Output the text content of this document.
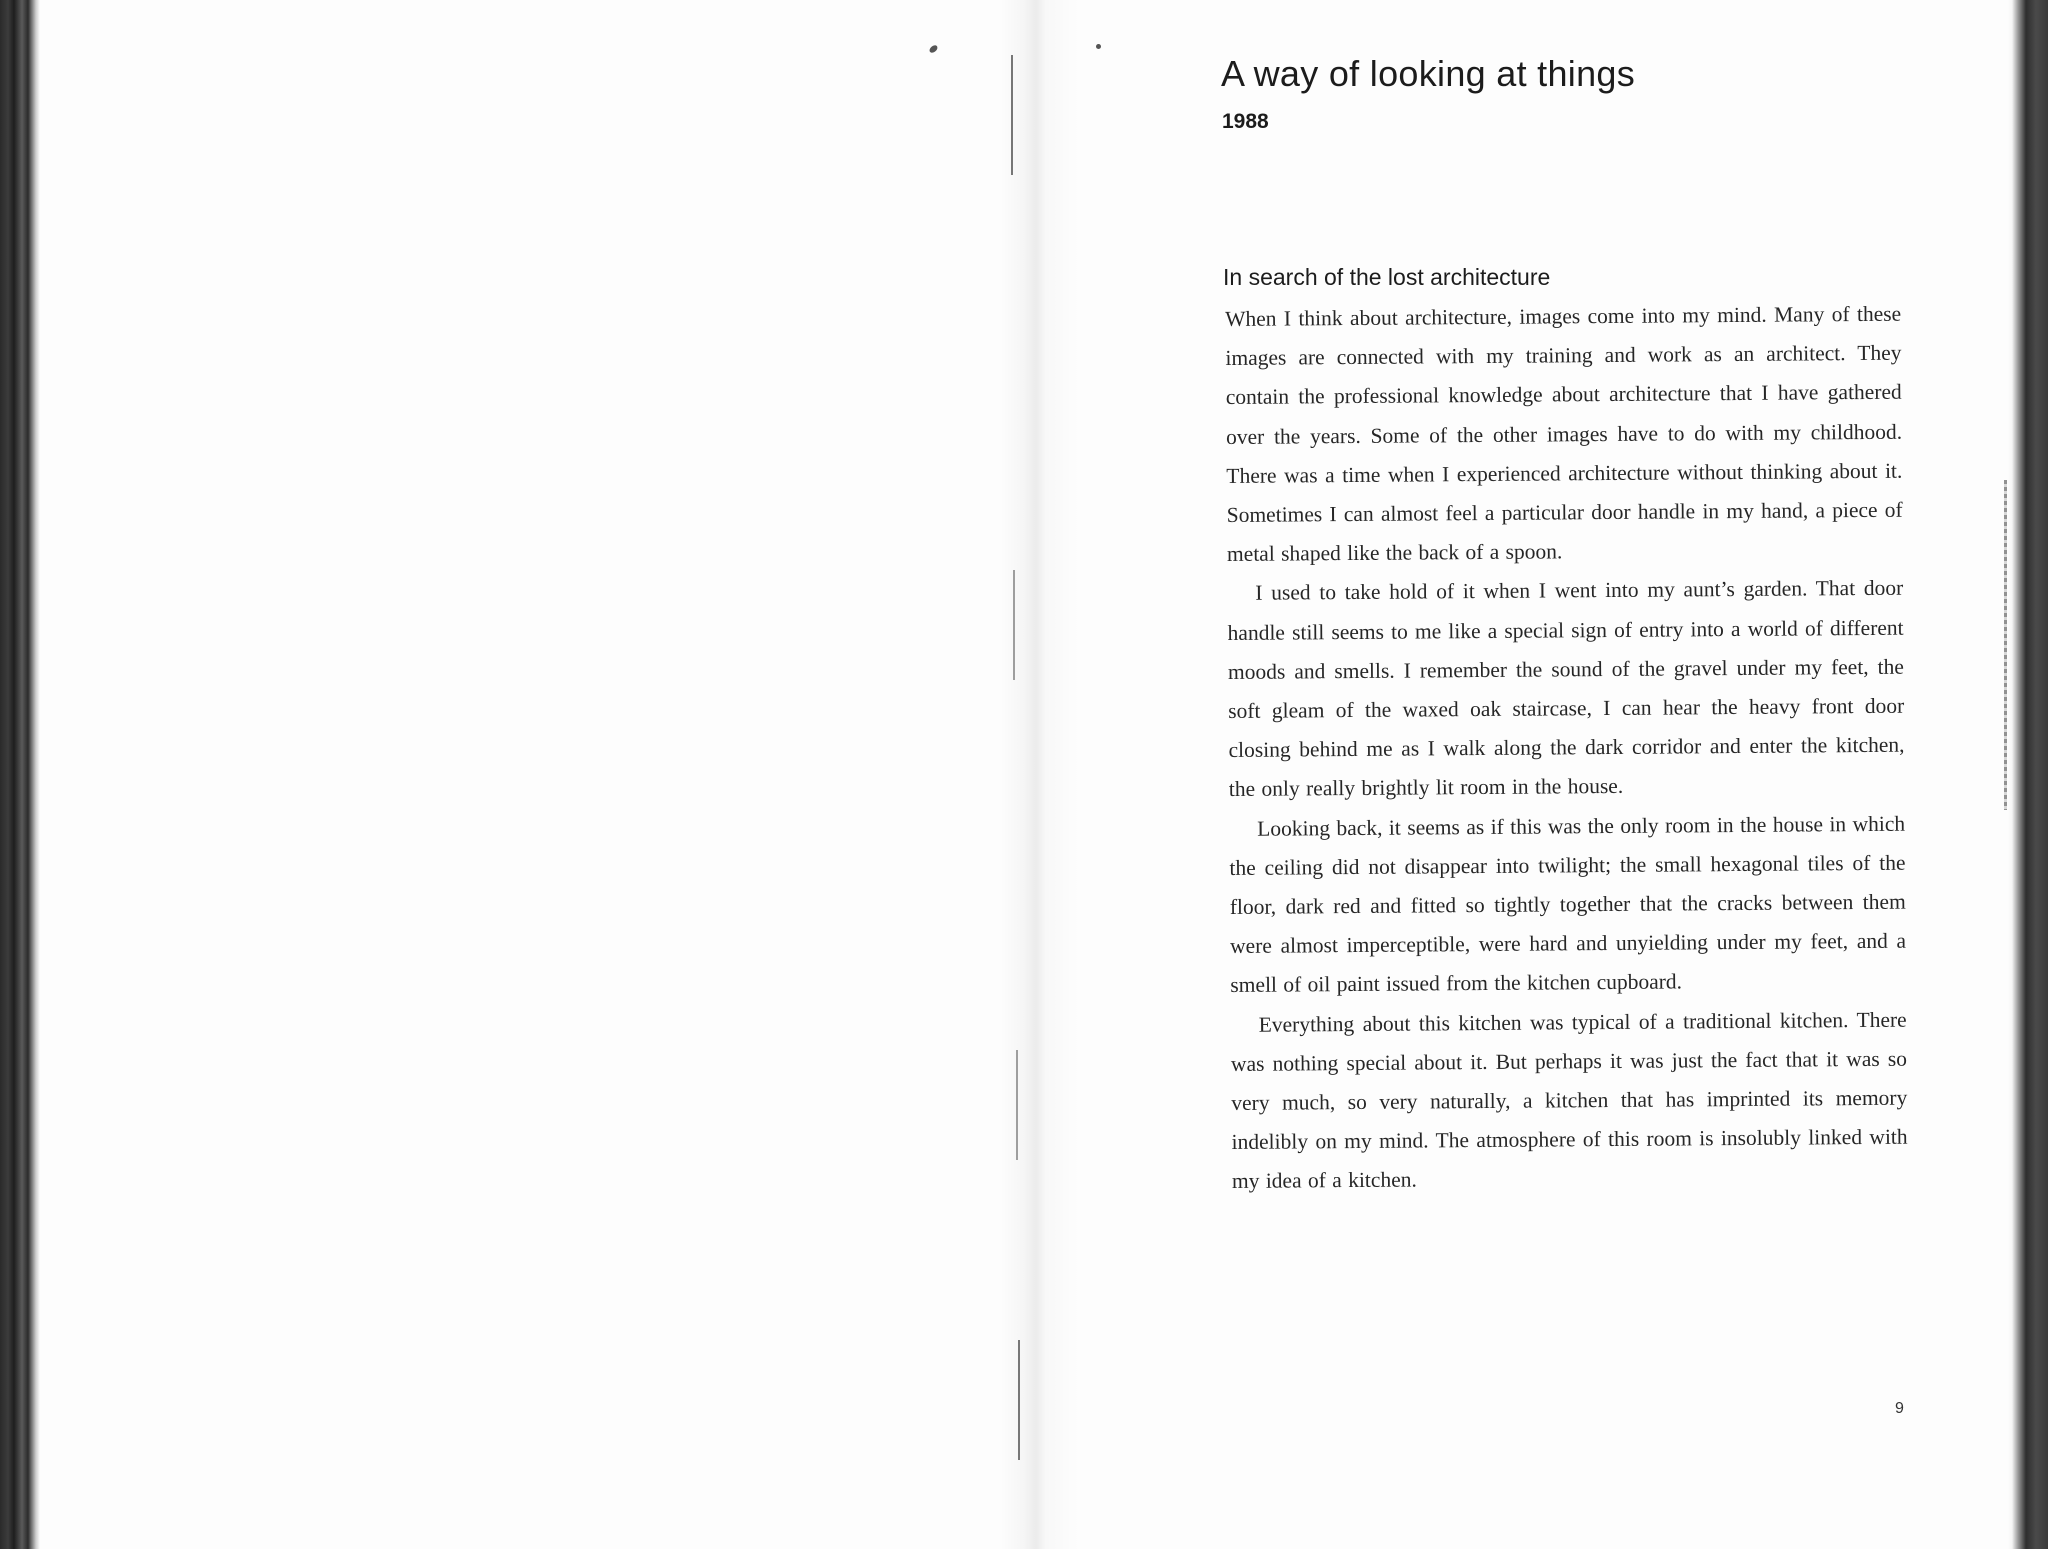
A way of looking at things
1988
In search of the lost architecture

When I think about architecture, images come into my mind. Many of these images are connected with my training and work as an architect. They contain the professional knowledge about architecture that I have gathered over the years. Some of the other images have to do with my childhood. There was a time when I experienced architecture without thinking about it. Sometimes I can almost feel a particular door handle in my hand, a piece of metal shaped like the back of a spoon.

I used to take hold of it when I went into my aunt’s garden. That door handle still seems to me like a special sign of entry into a world of different moods and smells. I remember the sound of the gravel under my feet, the soft gleam of the waxed oak staircase, I can hear the heavy front door closing behind me as I walk along the dark corridor and enter the kitchen, the only really brightly lit room in the house.

Looking back, it seems as if this was the only room in the house in which the ceiling did not disappear into twilight; the small hexagonal tiles of the floor, dark red and fitted so tightly together that the cracks between them were almost imperceptible, were hard and unyielding under my feet, and a smell of oil paint issued from the kitchen cupboard.

Everything about this kitchen was typical of a traditional kitchen. There was nothing special about it. But perhaps it was just the fact that it was so very much, so very naturally, a kitchen that has imprinted its memory indelibly on my mind. The atmosphere of this room is insolubly linked with my idea of a kitchen.

9
